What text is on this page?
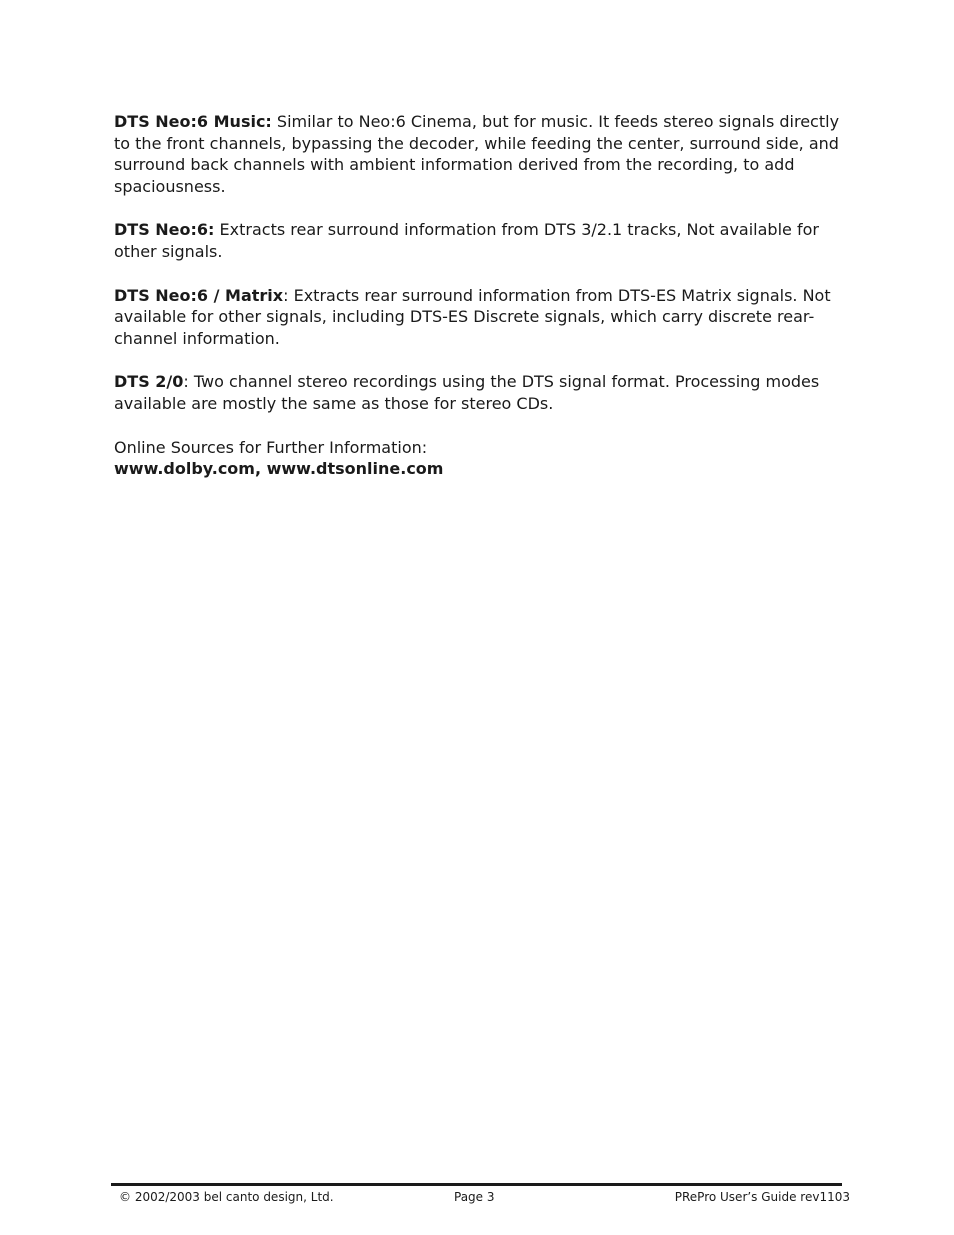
DTS Neo:6 Music: Similar to Neo:6 Cinema, but for music. It feeds stereo signals directly to the front channels, bypassing the decoder, while feeding the center, surround side, and surround back channels with ambient information derived from the recording, to add spaciousness.

DTS Neo:6: Extracts rear surround information from DTS 3/2.1 tracks, Not available for other signals.

DTS Neo:6 / Matrix: Extracts rear surround information from DTS-ES Matrix signals. Not available for other signals, including DTS-ES Discrete signals, which carry discrete rear-channel information.

DTS 2/0: Two channel stereo recordings using the DTS signal format. Processing modes available are mostly the same as those for stereo CDs.

Online Sources for Further Information:
www.dolby.com, www.dtsonline.com

© 2002/2003 bel canto design, Ltd.	Page 3	PRePro User’s Guide rev1103
